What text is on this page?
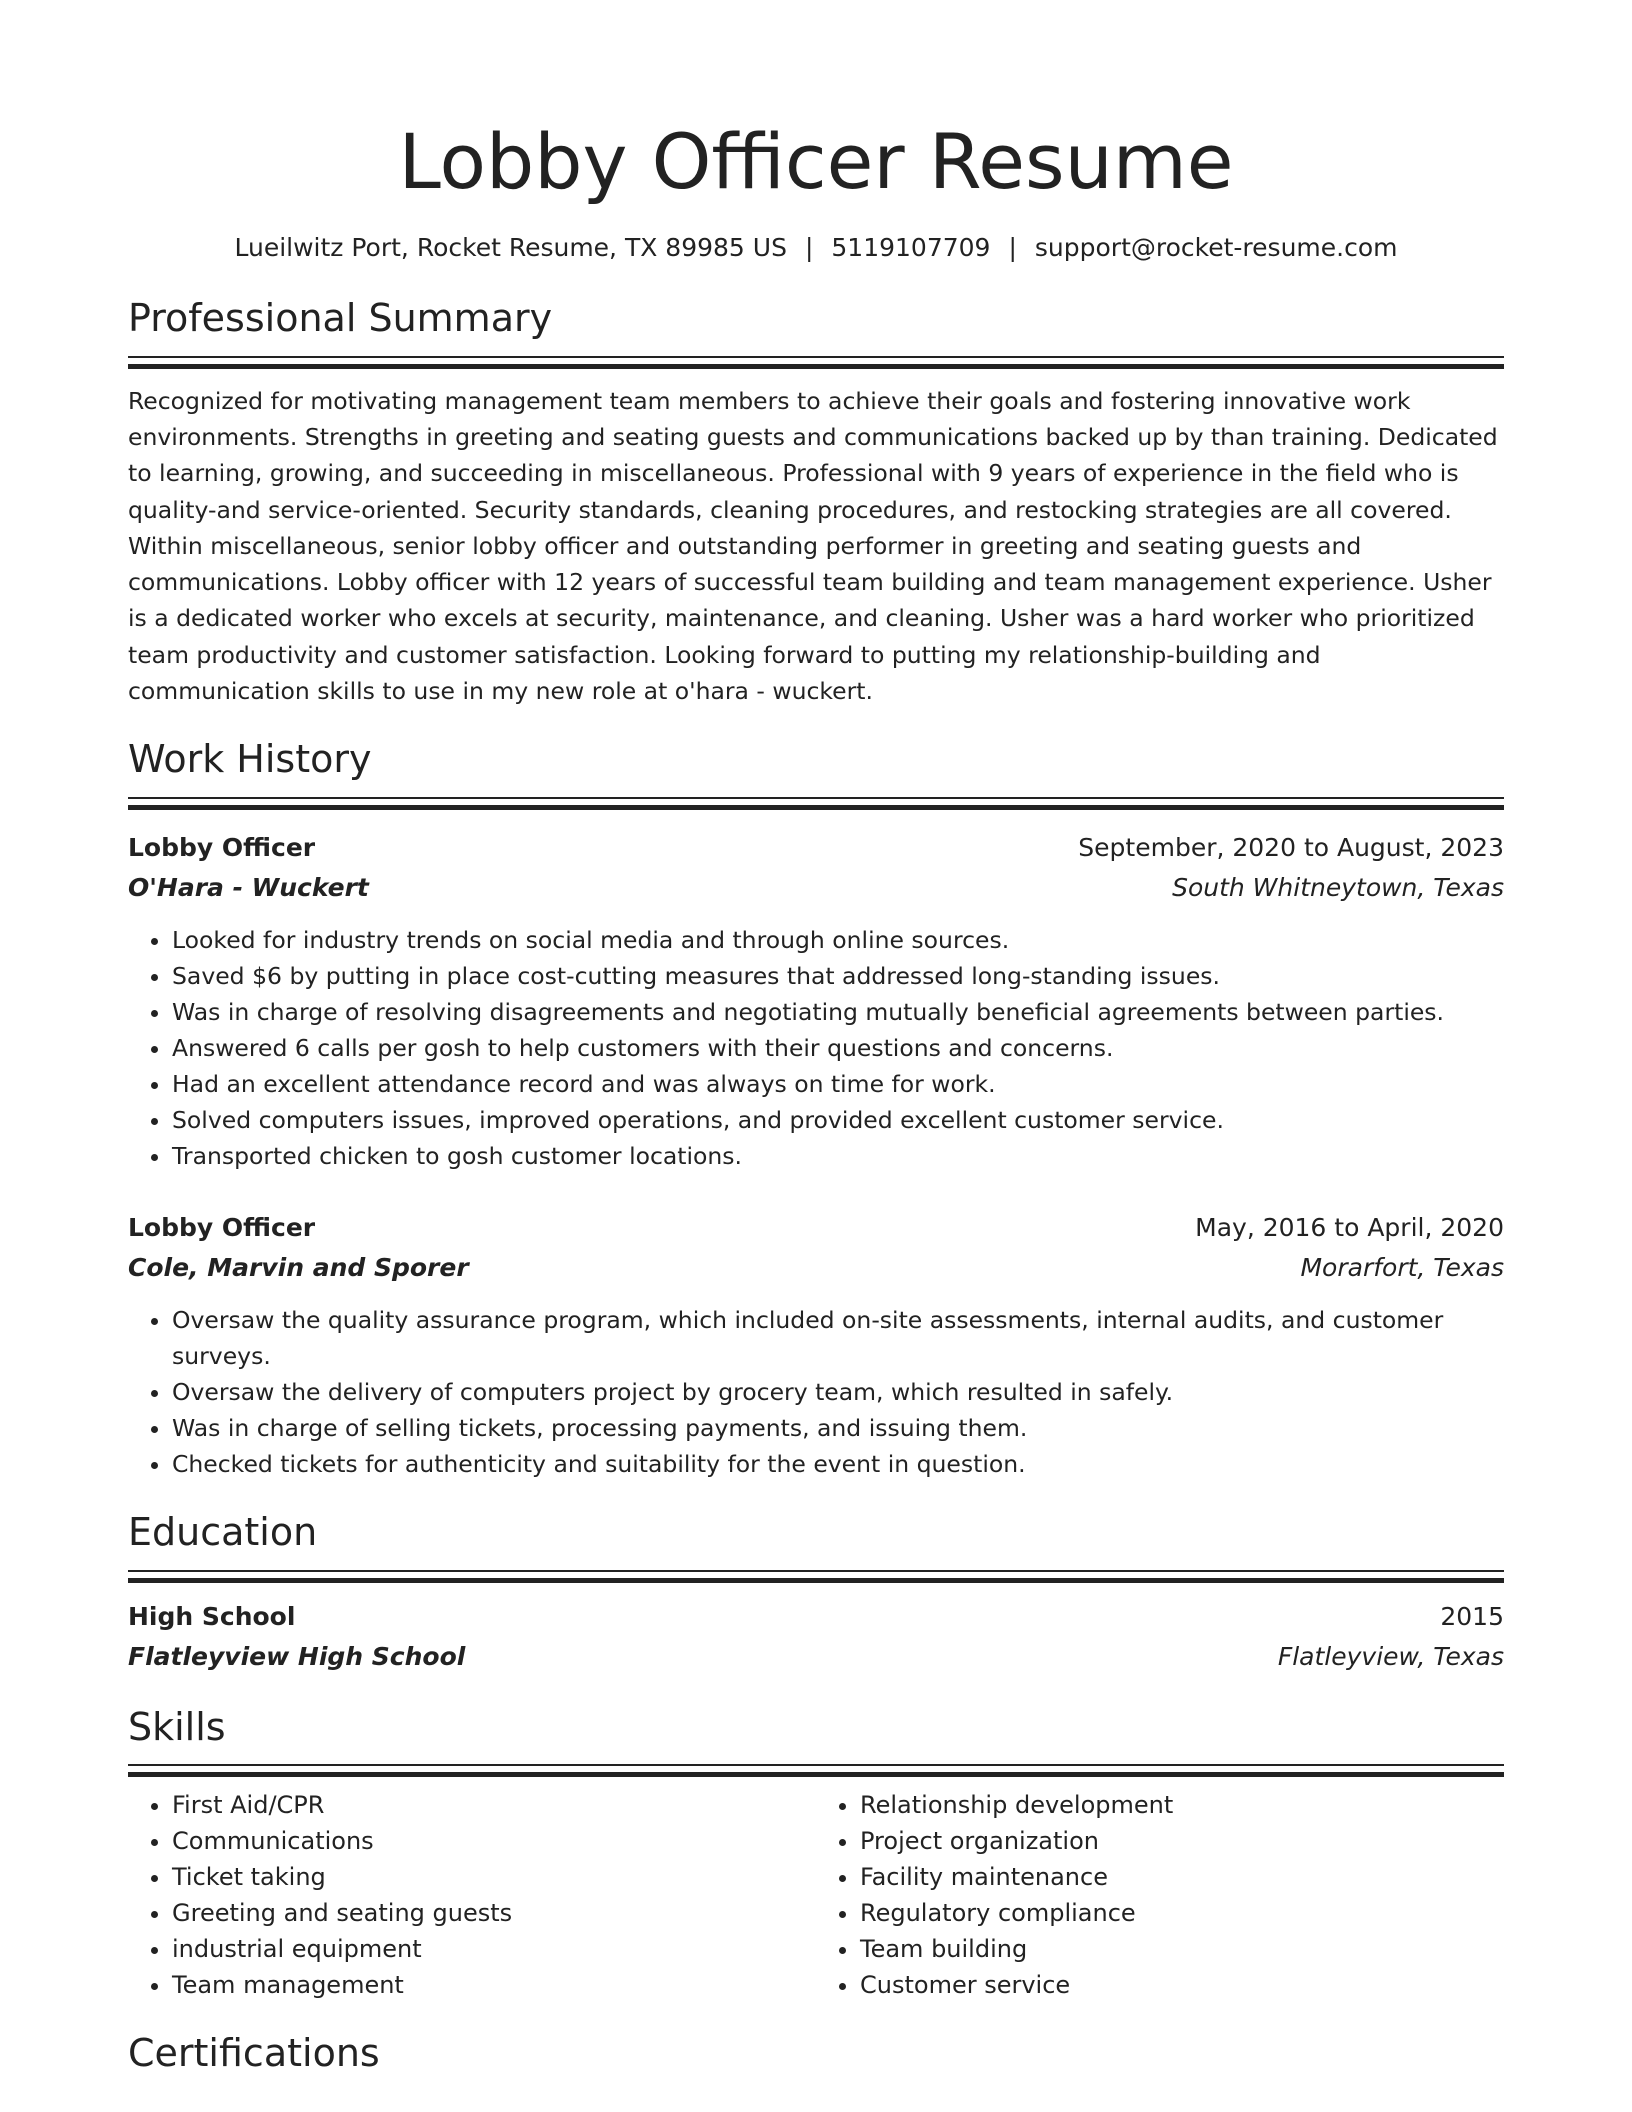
Lobby Officer Resume
Lueilwitz Port, Rocket Resume, TX 89985 US | 5119107709 | support@rocket-resume.com
Professional Summary
Recognized for motivating management team members to achieve their goals and fostering innovative work environments. Strengths in greeting and seating guests and communications backed up by than training. Dedicated to learning, growing, and succeeding in miscellaneous. Professional with 9 years of experience in the field who is quality-and service-oriented. Security standards, cleaning procedures, and restocking strategies are all covered. Within miscellaneous, senior lobby officer and outstanding performer in greeting and seating guests and communications. Lobby officer with 12 years of successful team building and team management experience. Usher is a dedicated worker who excels at security, maintenance, and cleaning. Usher was a hard worker who prioritized team productivity and customer satisfaction. Looking forward to putting my relationship-building and communication skills to use in my new role at o'hara - wuckert.
Work History
Lobby Officer	September, 2020 to August, 2023
O'Hara - Wuckert	South Whitneytown, Texas
• Looked for industry trends on social media and through online sources.
• Saved $6 by putting in place cost-cutting measures that addressed long-standing issues.
• Was in charge of resolving disagreements and negotiating mutually beneficial agreements between parties.
• Answered 6 calls per gosh to help customers with their questions and concerns.
• Had an excellent attendance record and was always on time for work.
• Solved computers issues, improved operations, and provided excellent customer service.
• Transported chicken to gosh customer locations.
Lobby Officer	May, 2016 to April, 2020
Cole, Marvin and Sporer	Morarfort, Texas
• Oversaw the quality assurance program, which included on-site assessments, internal audits, and customer surveys.
• Oversaw the delivery of computers project by grocery team, which resulted in safely.
• Was in charge of selling tickets, processing payments, and issuing them.
• Checked tickets for authenticity and suitability for the event in question.
Education
High School	2015
Flatleyview High School	Flatleyview, Texas
Skills
• First Aid/CPR
• Communications
• Ticket taking
• Greeting and seating guests
• industrial equipment
• Team management
• Relationship development
• Project organization
• Facility maintenance
• Regulatory compliance
• Team building
• Customer service
Certifications
